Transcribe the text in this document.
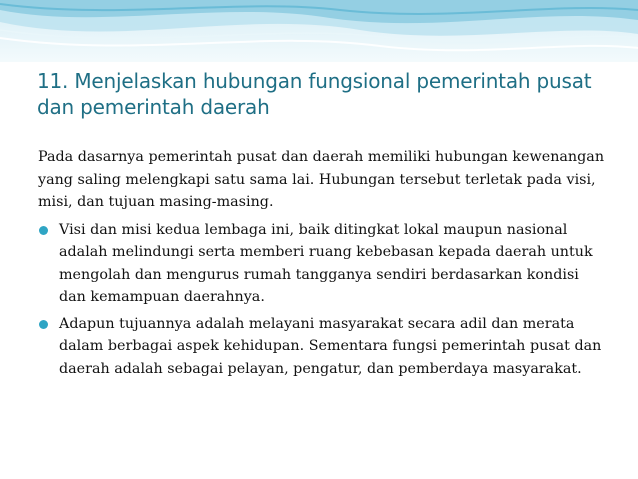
11. Menjelaskan hubungan fungsional pemerintah pusat dan pemerintah daerah

Pada dasarnya pemerintah pusat dan daerah memiliki hubungan kewenangan yang saling melengkapi satu sama lai. Hubungan tersebut terletak pada visi, misi, dan tujuan masing-masing.

Visi dan misi kedua lembaga ini, baik ditingkat lokal maupun nasional adalah melindungi serta memberi ruang kebebasan kepada daerah untuk mengolah dan mengurus rumah tangganya sendiri berdasarkan kondisi dan kemampuan daerahnya.
Adapun tujuannya adalah melayani masyarakat secara adil dan merata dalam berbagai aspek kehidupan. Sementara fungsi pemerintah pusat dan daerah adalah sebagai pelayan, pengatur, dan pemberdaya masyarakat.
